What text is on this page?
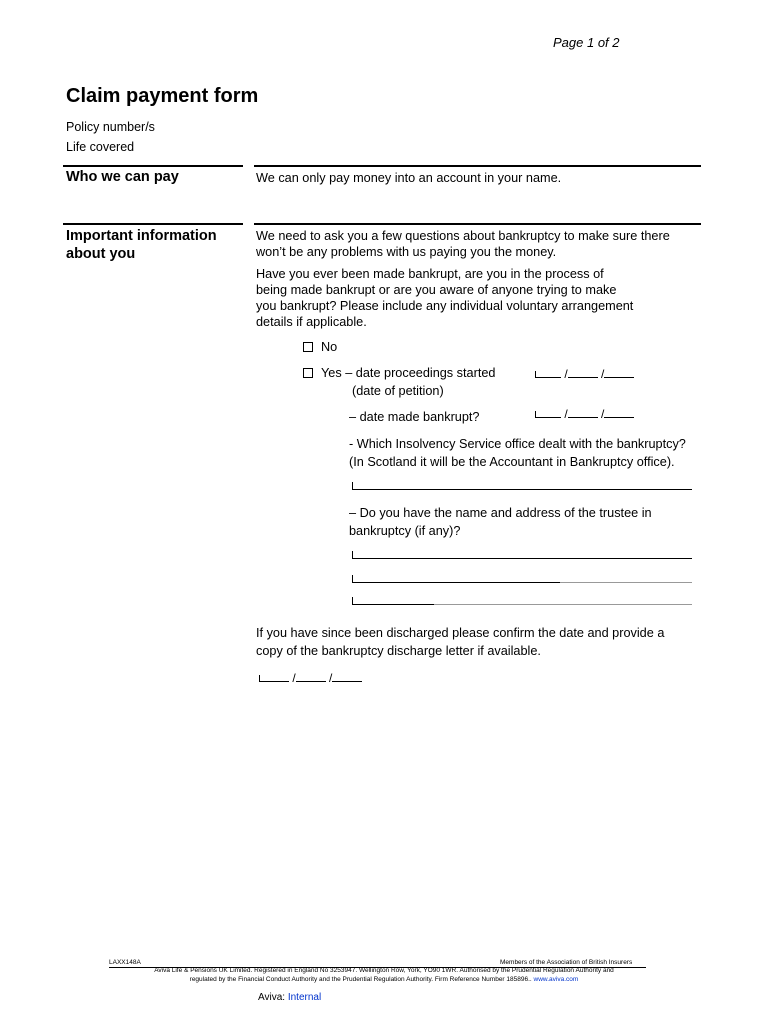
Page 1 of 2
Claim payment form
Policy number/s
Life covered
Who we can pay	We can only pay money into an account in your name.
Important information
about you
We need to ask you a few questions about bankruptcy to make sure there
won’t be any problems with us paying you the money.
Have you ever been made bankrupt, are you in the process of
being made bankrupt or are you aware of anyone trying to make
you bankrupt? Please include any individual voluntary arrangement
details if applicable.
No
Yes – date proceedings started
(date of petition)
/	/
– date made bankrupt?	/	/
- Which Insolvency Service office dealt with the bankruptcy?
(In Scotland it will be the Accountant in Bankruptcy office).
– Do you have the name and address of the trustee in
bankruptcy (if any)?
If you have since been discharged please confirm the date and provide a
copy of the bankruptcy discharge letter if available.
/	/
LAXX148A	Members of the Association of British Insurers
Aviva Life & Pensions UK Limited. Registered in England No 3253947. Wellington Row, York, YO90 1WR. Authorised by the Prudential Regulation Authority and
regulated by the Financial Conduct Authority and the Prudential Regulation Authority. Firm Reference Number 185896.. www.aviva.com
Aviva: Internal
